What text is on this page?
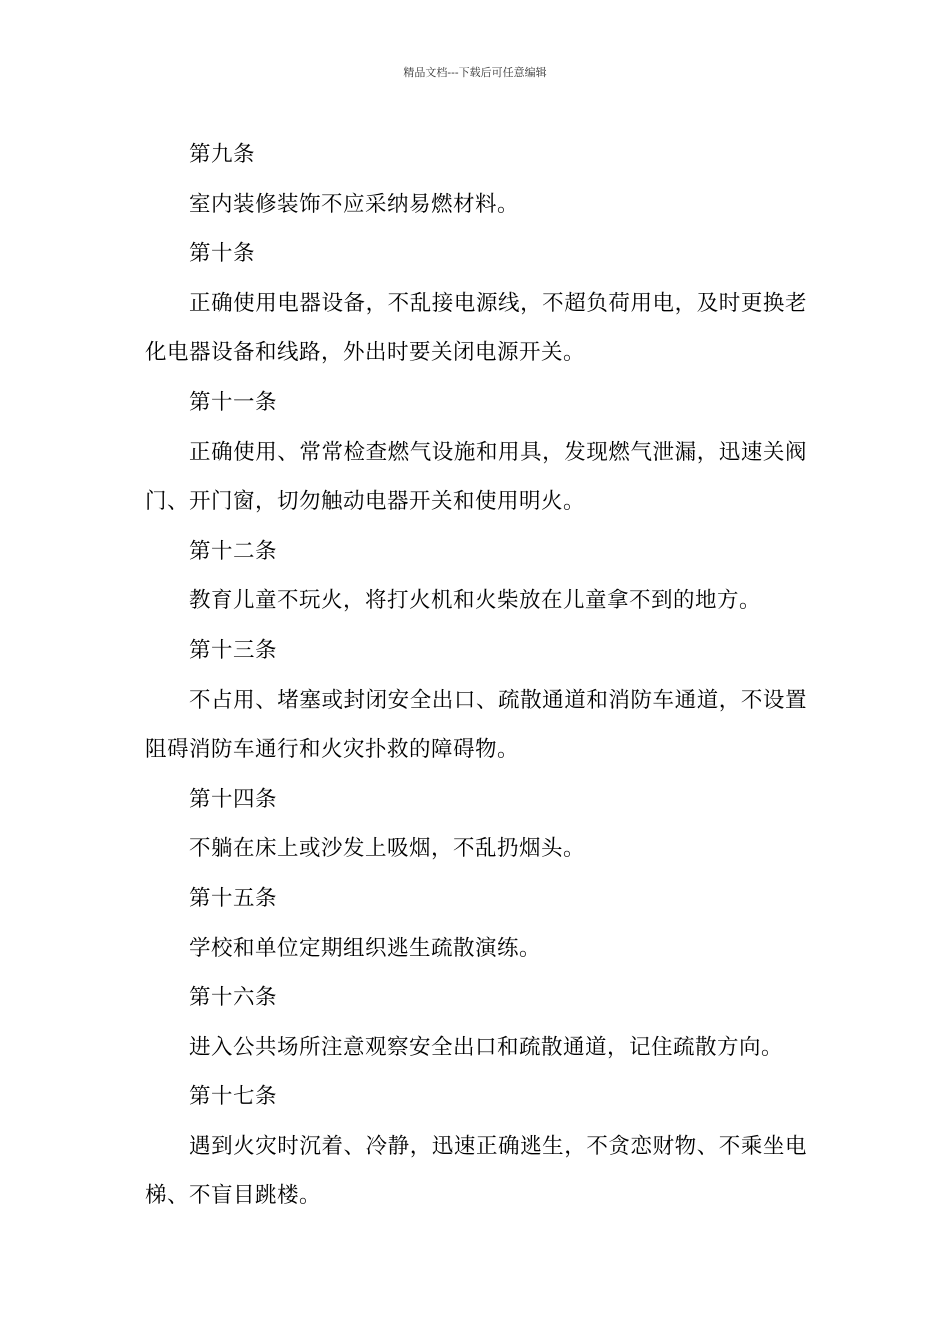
精品文档---下载后可任意编辑

第九条

室内装修装饰不应采纳易燃材料。

第十条

正确使用电器设备，不乱接电源线，不超负荷用电，及时更换老化电器设备和线路，外出时要关闭电源开关。

第十一条

正确使用、常常检查燃气设施和用具，发现燃气泄漏，迅速关阀门、开门窗，切勿触动电器开关和使用明火。

第十二条

教育儿童不玩火，将打火机和火柴放在儿童拿不到的地方。

第十三条

不占用、堵塞或封闭安全出口、疏散通道和消防车通道，不设置阻碍消防车通行和火灾扑救的障碍物。

第十四条

不躺在床上或沙发上吸烟，不乱扔烟头。

第十五条

学校和单位定期组织逃生疏散演练。

第十六条

进入公共场所注意观察安全出口和疏散通道，记住疏散方向。

第十七条

遇到火灾时沉着、冷静，迅速正确逃生，不贪恋财物、不乘坐电梯、不盲目跳楼。
